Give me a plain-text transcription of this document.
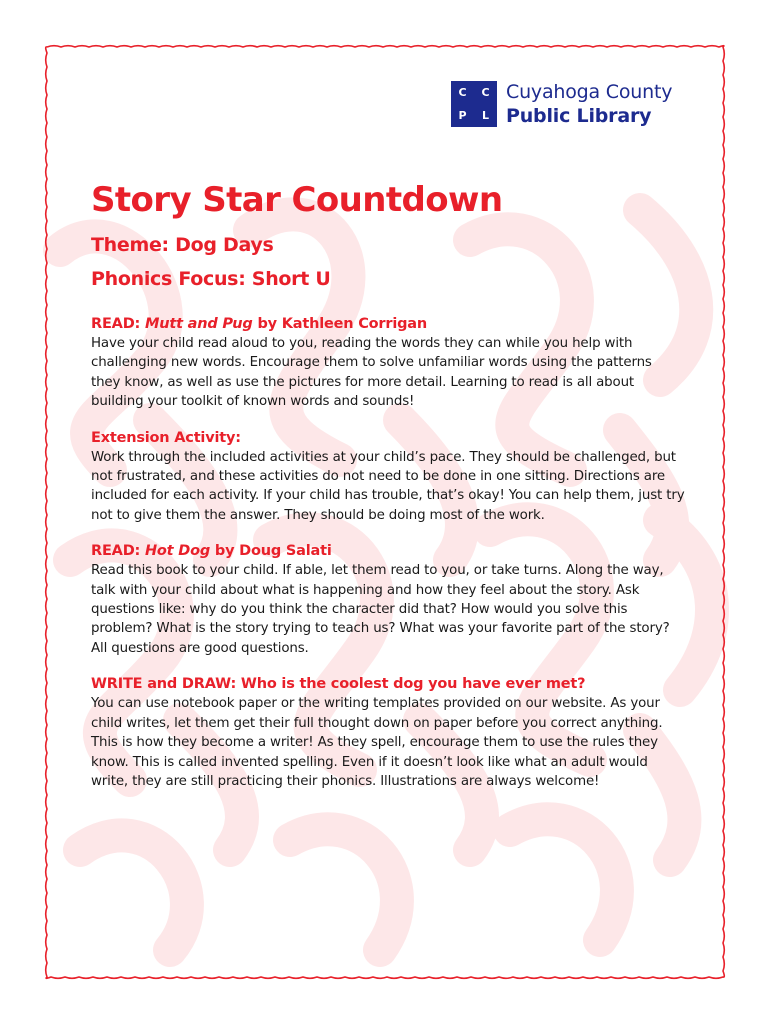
C C
P L
Cuyahoga County
Public Library
Story Star Countdown
Theme: Dog Days
Phonics Focus: Short U
READ: Mutt and Pug by Kathleen Corrigan
Have your child read aloud to you, reading the words they can while you help with challenging new words. Encourage them to solve unfamiliar words using the patterns they know, as well as use the pictures for more detail. Learning to read is all about building your toolkit of known words and sounds!
Extension Activity:
Work through the included activities at your child’s pace. They should be challenged, but not frustrated, and these activities do not need to be done in one sitting. Directions are included for each activity. If your child has trouble, that’s okay! You can help them, just try not to give them the answer. They should be doing most of the work.
READ: Hot Dog by Doug Salati
Read this book to your child. If able, let them read to you, or take turns. Along the way, talk with your child about what is happening and how they feel about the story. Ask questions like: why do you think the character did that? How would you solve this problem? What is the story trying to teach us? What was your favorite part of the story? All questions are good questions.
WRITE and DRAW: Who is the coolest dog you have ever met?
You can use notebook paper or the writing templates provided on our website. As your child writes, let them get their full thought down on paper before you correct anything. This is how they become a writer! As they spell, encourage them to use the rules they know. This is called invented spelling. Even if it doesn’t look like what an adult would write, they are still practicing their phonics. Illustrations are always welcome!
